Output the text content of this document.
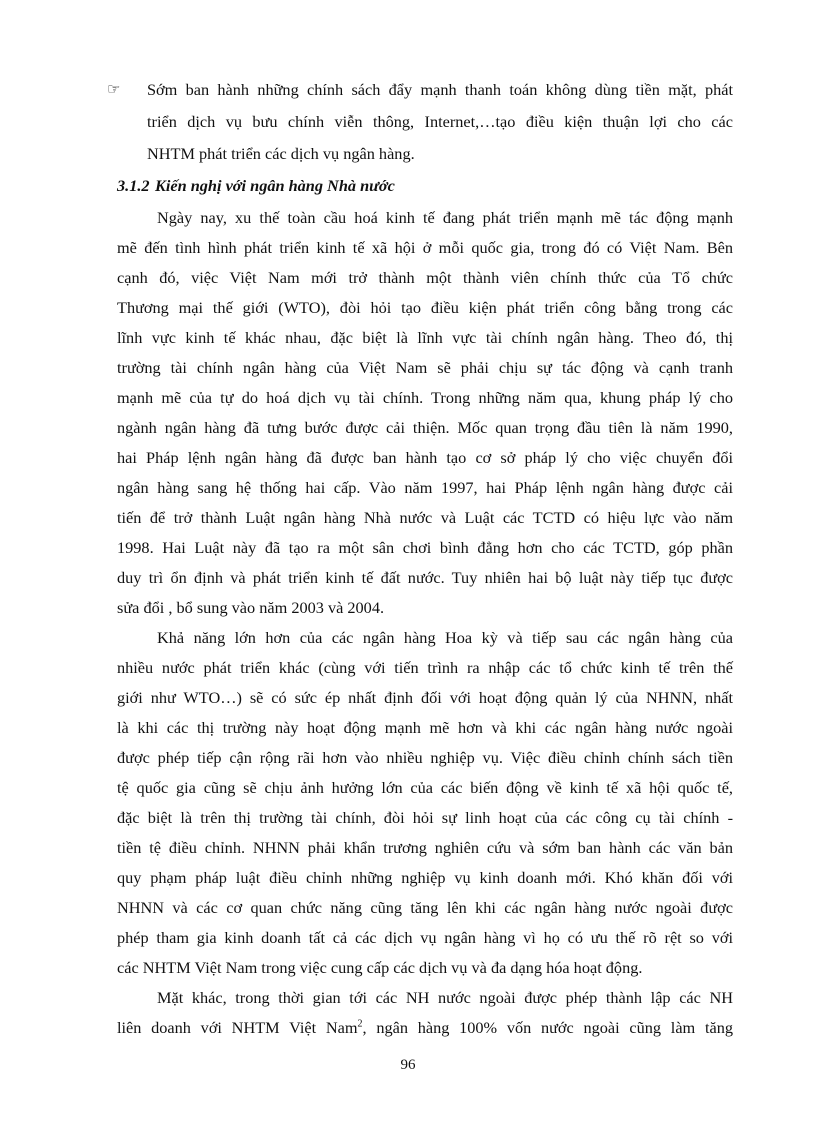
☞ Sớm ban hành những chính sách đẩy mạnh thanh toán không dùng tiền mặt, phát
triển dịch vụ bưu chính viễn thông, Internet,…tạo điều kiện thuận lợi cho các
NHTM phát triển các dịch vụ ngân hàng.
3.1.2 Kiến nghị với ngân hàng Nhà nước
Ngày nay, xu thế toàn cầu hoá kinh tế đang phát triển mạnh mẽ tác động mạnh
mẽ đến tình hình phát triển kinh tế xã hội ở mỗi quốc gia, trong đó có Việt Nam. Bên
cạnh đó, việc Việt Nam mới trở thành một thành viên chính thức của Tổ chức
Thương mại thế giới (WTO), đòi hỏi tạo điều kiện phát triển công bằng trong các
lĩnh vực kinh tế khác nhau, đặc biệt là lĩnh vực tài chính ngân hàng. Theo đó, thị
trường tài chính ngân hàng của Việt Nam sẽ phải chịu sự tác động và cạnh tranh
mạnh mẽ của tự do hoá dịch vụ tài chính. Trong những năm qua, khung pháp lý cho
ngành ngân hàng đã tưng bước được cải thiện. Mốc quan trọng đầu tiên là năm 1990,
hai Pháp lệnh ngân hàng đã được ban hành tạo cơ sở pháp lý cho việc chuyển đổi
ngân hàng sang hệ thống hai cấp. Vào năm 1997, hai Pháp lệnh ngân hàng được cải
tiến để trở thành Luật ngân hàng Nhà nước và Luật các TCTD có hiệu lực vào năm
1998. Hai Luật này đã tạo ra một sân chơi bình đẳng hơn cho các TCTD, góp phần
duy trì ổn định và phát triển kinh tế đất nước. Tuy nhiên hai bộ luật này tiếp tục được
sửa đổi , bổ sung vào năm 2003 và 2004.
Khả năng lớn hơn của các ngân hàng Hoa kỳ và tiếp sau các ngân hàng của
nhiều nước phát triển khác (cùng với tiến trình ra nhập các tổ chức kinh tế trên thế
giới như WTO…) sẽ có sức ép nhất định đối với hoạt động quản lý của NHNN, nhất
là khi các thị trường này hoạt động mạnh mẽ hơn và khi các ngân hàng nước ngoài
được phép tiếp cận rộng rãi hơn vào nhiều nghiệp vụ. Việc điều chỉnh chính sách tiền
tệ quốc gia cũng sẽ chịu ảnh hưởng lớn của các biến động về kinh tế xã hội quốc tế,
đặc biệt là trên thị trường tài chính, đòi hỏi sự linh hoạt của các công cụ tài chính -
tiền tệ điều chỉnh. NHNN phải khẩn trương nghiên cứu và sớm ban hành các văn bản
quy phạm pháp luật điều chỉnh những nghiệp vụ kinh doanh mới. Khó khăn đối với
NHNN và các cơ quan chức năng cũng tăng lên khi các ngân hàng nước ngoài được
phép tham gia kinh doanh tất cả các dịch vụ ngân hàng vì họ có ưu thế rõ rệt so với
các NHTM Việt Nam trong việc cung cấp các dịch vụ và đa dạng hóa hoạt động.
Mặt khác, trong thời gian tới các NH nước ngoài được phép thành lập các NH
liên doanh với NHTM Việt Nam$^2$, ngân hàng 100% vốn nước ngoài cũng làm tăng
96
